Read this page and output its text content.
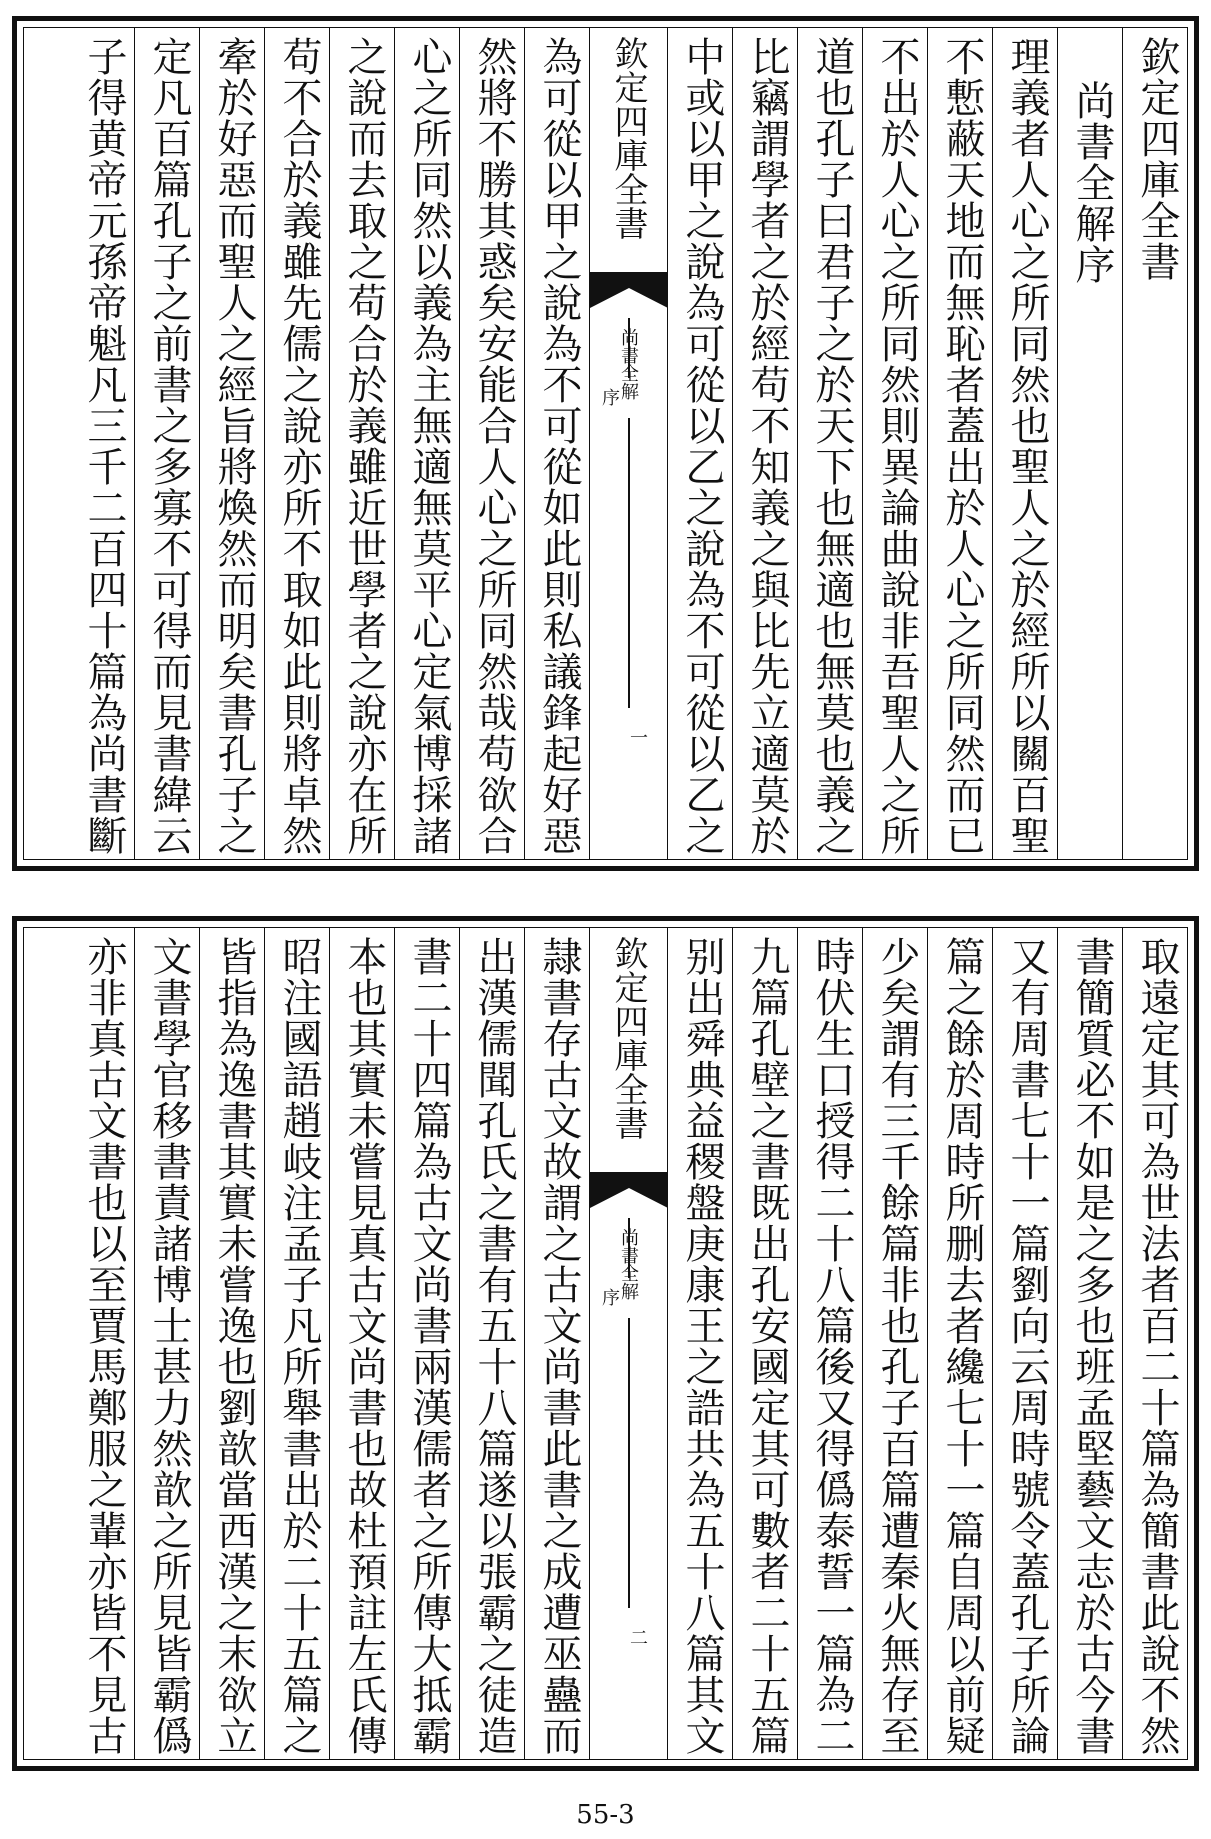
欽定四庫全書
尚書全解序
理義者人心之所同然也聖人之於經所以關百聖
不慙蔽天地而無恥者蓋出於人心之所同然而已
不出於人心之所同然則異論曲說非吾聖人之所
道也孔子曰君子之於天下也無適也無莫也義之
比竊謂學者之於經苟不知義之與比先立適莫於
中或以甲之說為可從以乙之說為不可從以乙之
欽定四庫全書
尚書全解
序
一
為可從以甲之說為不可從如此則私議鋒起好惡
然將不勝其惑矣安能合人心之所同然哉苟欲合
心之所同然以義為主無適無莫平心定氣博採諸
之說而去取之苟合於義雖近世學者之說亦在所
苟不合於義雖先儒之說亦所不取如此則將卓然
牽於好惡而聖人之經旨將煥然而明矣書孔子之
定凡百篇孔子之前書之多寡不可得而見書緯云
子得黄帝元孫帝魁凡三千二百四十篇為尚書斷
取遠定其可為世法者百二十篇為簡書此說不然
書簡質必不如是之多也班孟堅藝文志於古今書
又有周書七十一篇劉向云周時號令蓋孔子所論
篇之餘於周時所删去者纔七十一篇自周以前疑
少矣謂有三千餘篇非也孔子百篇遭秦火無存至
時伏生口授得二十八篇後又得僞泰誓一篇為二
九篇孔壁之書既出孔安國定其可數者二十五篇
别出舜典益稷盤庚康王之誥共為五十八篇其文
欽定四庫全書
尚書全解
序
二
隷書存古文故謂之古文尚書此書之成遭巫蠱而
出漢儒聞孔氏之書有五十八篇遂以張霸之徒造
書二十四篇為古文尚書兩漢儒者之所傳大抵霸
本也其實未嘗見真古文尚書也故杜預註左氏傳
昭注國語趙岐注孟子凡所舉書出於二十五篇之
皆指為逸書其實未嘗逸也劉歆當西漢之末欲立
文書學官移書責諸博士甚力然歆之所見皆霸僞
亦非真古文書也以至賈馬鄭服之輩亦皆不見古
55-3
